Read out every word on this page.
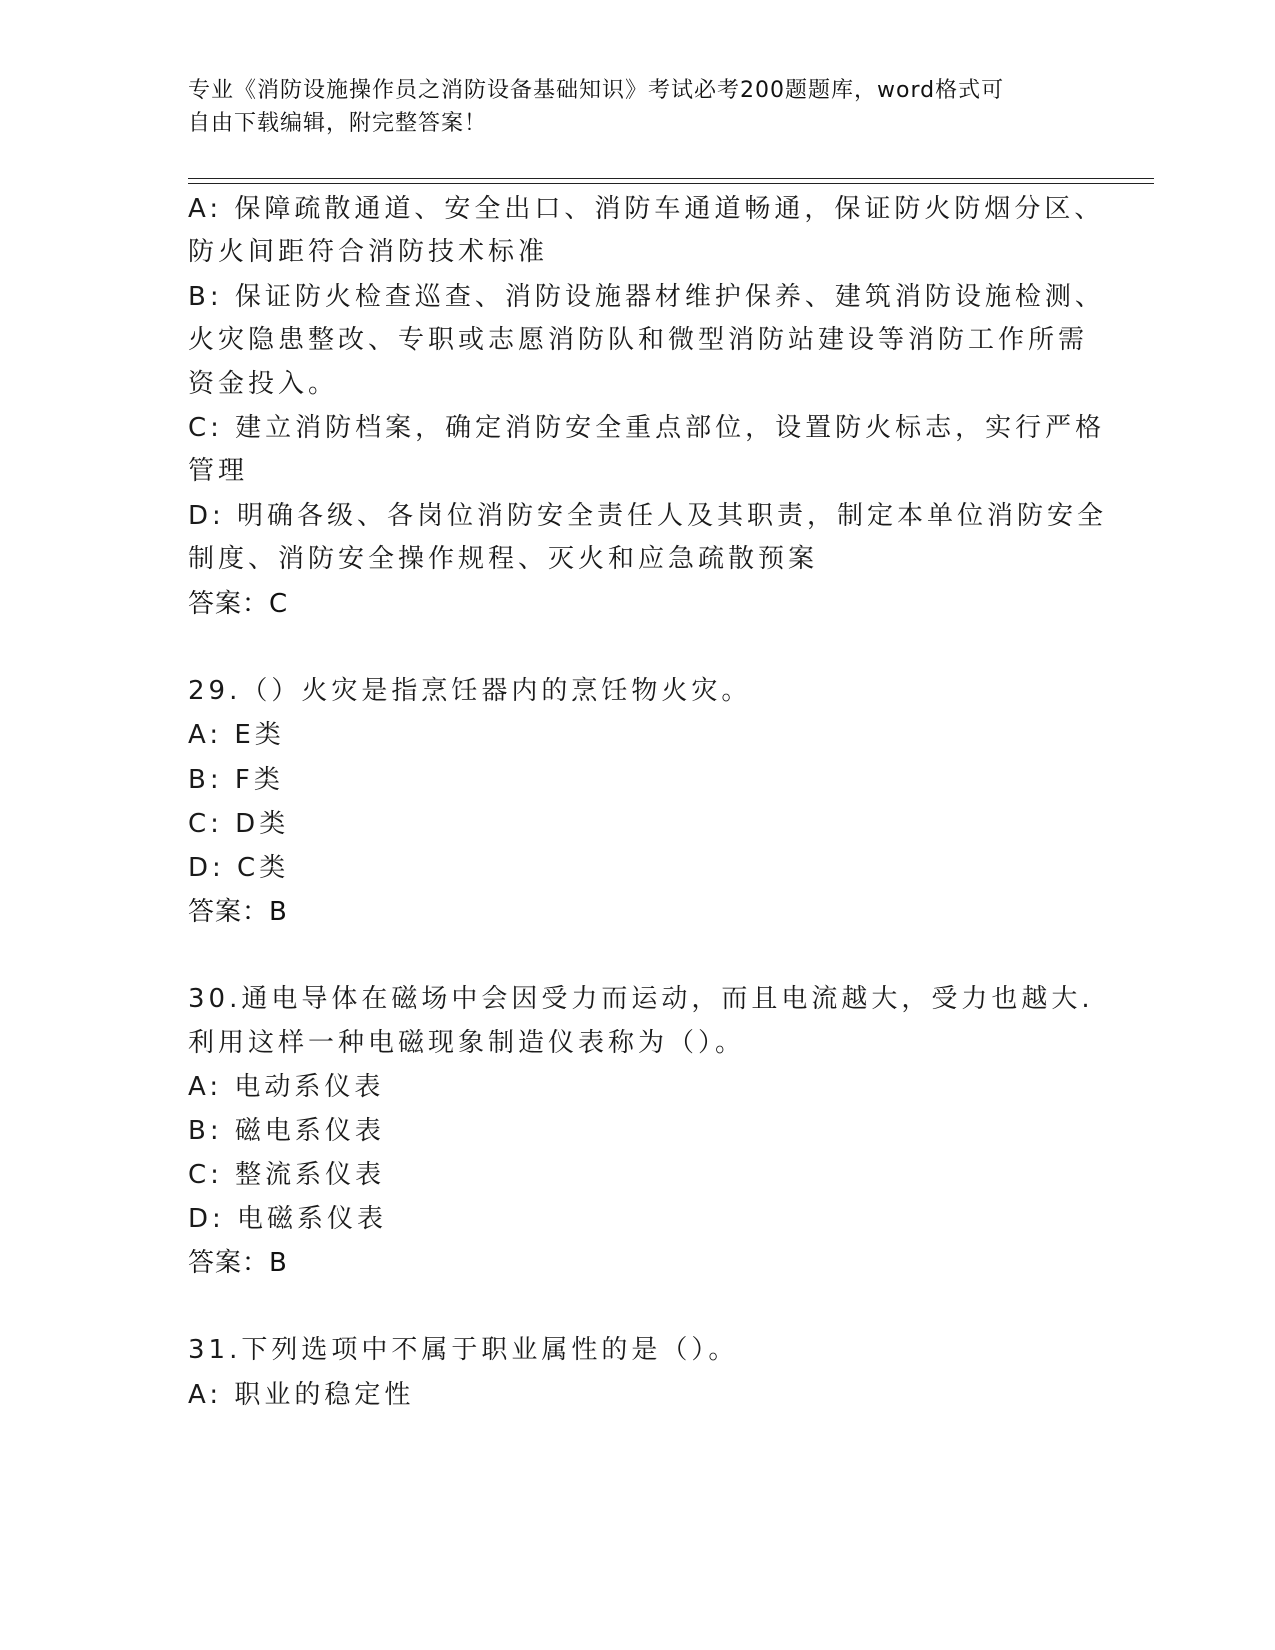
专业《消防设施操作员之消防设备基础知识》考试必考200题题库，word格式可
自由下载编辑，附完整答案！
A: 保障疏散通道、安全出口、消防车通道畅通，保证防火防烟分区、
防火间距符合消防技术标准
B: 保证防火检查巡查、消防设施器材维护保养、建筑消防设施检测、
火灾隐患整改、专职或志愿消防队和微型消防站建设等消防工作所需
资金投入。
C: 建立消防档案，确定消防安全重点部位，设置防火标志，实行严格
管理
D: 明确各级、各岗位消防安全责任人及其职责，制定本单位消防安全
制度、消防安全操作规程、灭火和应急疏散预案
答案：C
29.（）火灾是指烹饪器内的烹饪物火灾。
A: E类
B: F类
C: D类
D: C类
答案：B
30.通电导体在磁场中会因受力而运动，而且电流越大，受力也越大.
利用这样一种电磁现象制造仪表称为（）。
A: 电动系仪表
B: 磁电系仪表
C: 整流系仪表
D: 电磁系仪表
答案：B
31.下列选项中不属于职业属性的是（）。
A: 职业的稳定性
